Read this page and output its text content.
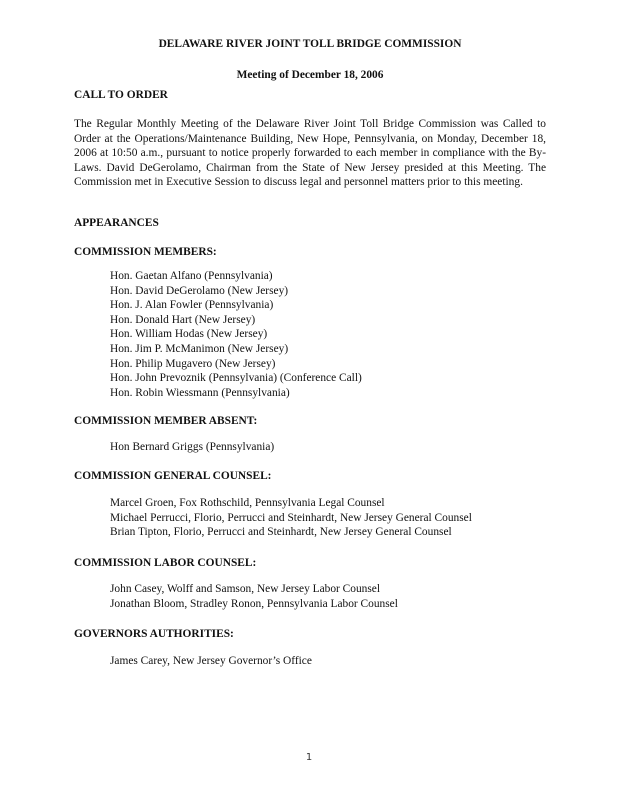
DELAWARE RIVER JOINT TOLL BRIDGE COMMISSION
Meeting of December 18, 2006
CALL TO ORDER

The Regular Monthly Meeting of the Delaware River Joint Toll Bridge Commission was Called to Order at the Operations/Maintenance Building, New Hope, Pennsylvania, on Monday, December 18, 2006 at 10:50 a.m., pursuant to notice properly forwarded to each member in compliance with the By-Laws. David DeGerolamo, Chairman from the State of New Jersey presided at this Meeting. The Commission met in Executive Session to discuss legal and personnel matters prior to this meeting.

APPEARANCES
COMMISSION MEMBERS:
Hon. Gaetan Alfano (Pennsylvania)
Hon. David DeGerolamo (New Jersey)
Hon. J. Alan Fowler (Pennsylvania)
Hon. Donald Hart (New Jersey)
Hon. William Hodas (New Jersey)
Hon. Jim P. McManimon (New Jersey)
Hon. Philip Mugavero (New Jersey)
Hon. John Prevoznik (Pennsylvania) (Conference Call)
Hon. Robin Wiessmann (Pennsylvania)
COMMISSION MEMBER ABSENT:
Hon Bernard Griggs (Pennsylvania)
COMMISSION GENERAL COUNSEL:
Marcel Groen, Fox Rothschild, Pennsylvania Legal Counsel
Michael Perrucci, Florio, Perrucci and Steinhardt, New Jersey General Counsel
Brian Tipton, Florio, Perrucci and Steinhardt, New Jersey General Counsel
COMMISSION LABOR COUNSEL:
John Casey, Wolff and Samson, New Jersey Labor Counsel
Jonathan Bloom, Stradley Ronon, Pennsylvania Labor Counsel
GOVERNORS AUTHORITIES:
James Carey, New Jersey Governor’s Office
1
